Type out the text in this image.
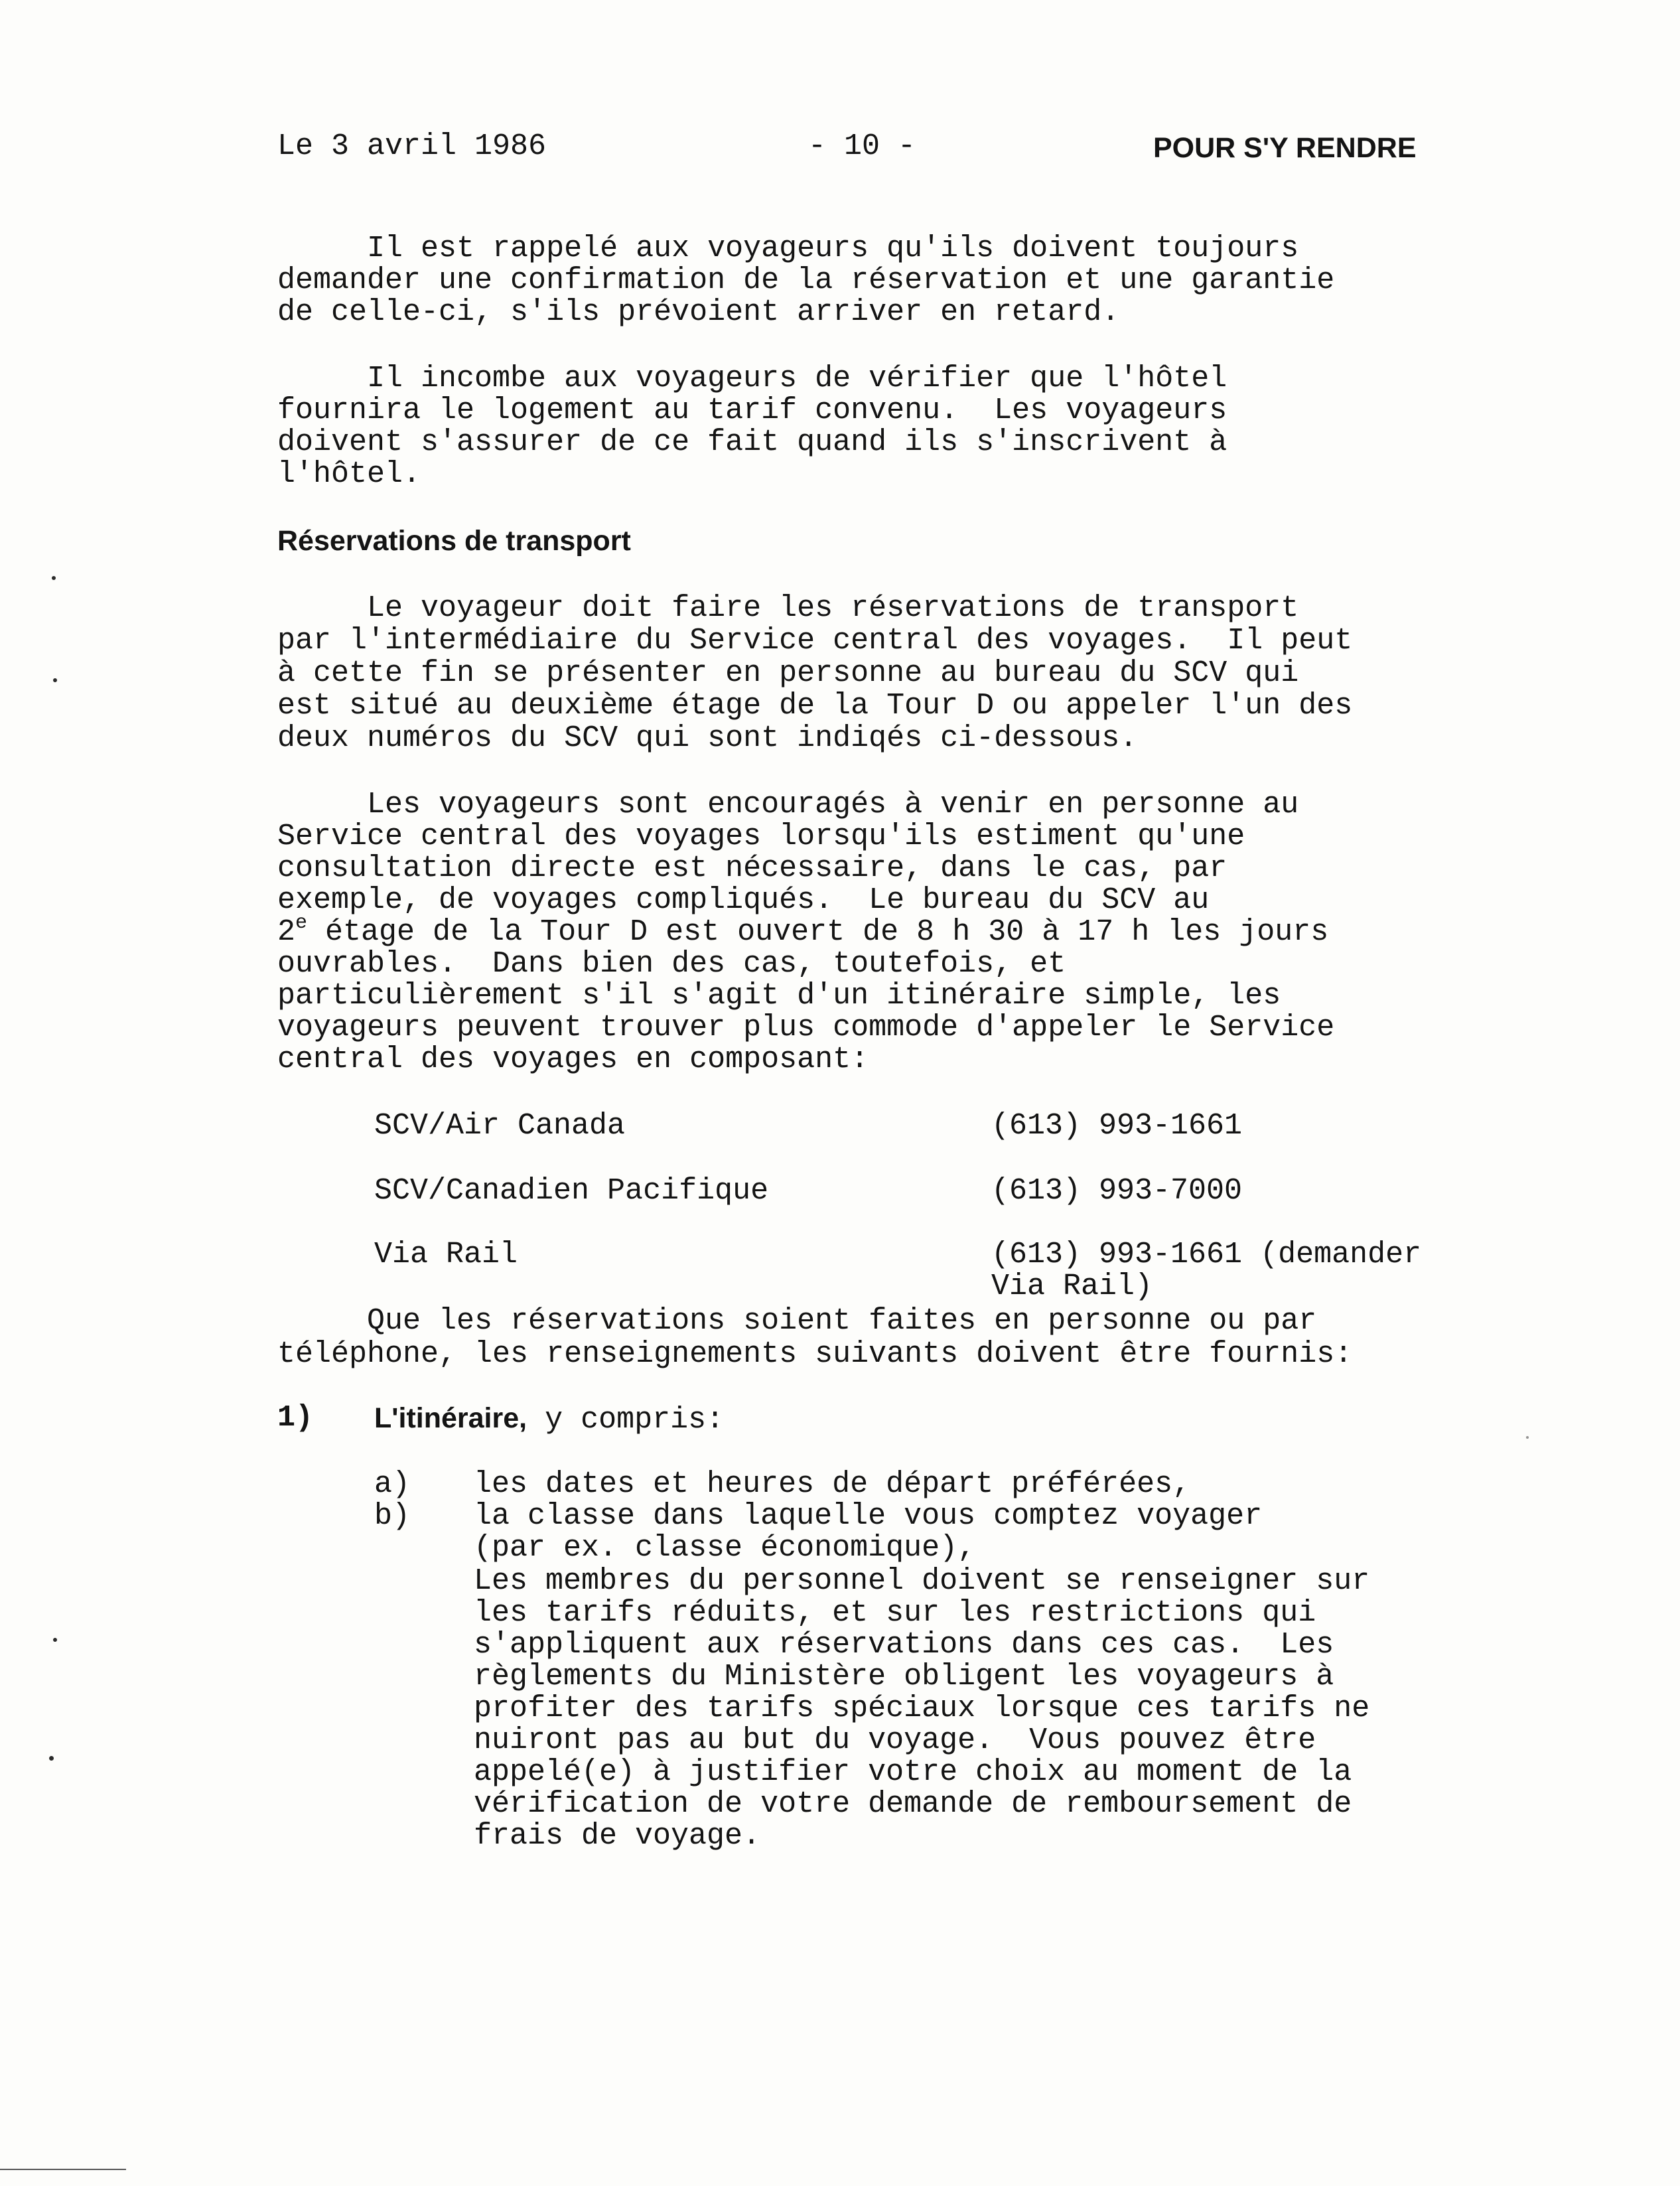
Le 3 avril 1986	- 10 -	POUR S'Y RENDRE
Il est rappelé aux voyageurs qu'ils doivent toujours
demander une confirmation de la réservation et une garantie
de celle-ci, s'ils prévoient arriver en retard.
Il incombe aux voyageurs de vérifier que l'hôtel
fournira le logement au tarif convenu.  Les voyageurs
doivent s'assurer de ce fait quand ils s'inscrivent à
l'hôtel.
Réservations de transport
Le voyageur doit faire les réservations de transport
par l'intermédiaire du Service central des voyages.  Il peut
à cette fin se présenter en personne au bureau du SCV qui
est situé au deuxième étage de la Tour D ou appeler l'un des
deux numéros du SCV qui sont indiqés ci-dessous.
Les voyageurs sont encouragés à venir en personne au
Service central des voyages lorsqu'ils estiment qu'une
consultation directe est nécessaire, dans le cas, par
exemple, de voyages compliqués.  Le bureau du SCV au
2e étage de la Tour D est ouvert de 8 h 30 à 17 h les jours
ouvrables.  Dans bien des cas, toutefois, et
particulièrement s'il s'agit d'un itinéraire simple, les
voyageurs peuvent trouver plus commode d'appeler le Service
central des voyages en composant:
SCV/Air Canada	(613) 993-1661
SCV/Canadien Pacifique	(613) 993-7000
Via Rail	(613) 993-1661 (demander
Via Rail)
Que les réservations soient faites en personne ou par
téléphone, les renseignements suivants doivent être fournis:
1) L'itinéraire, y compris:
a) les dates et heures de départ préférées,
b) la classe dans laquelle vous comptez voyager
(par ex. classe économique),
Les membres du personnel doivent se renseigner sur
les tarifs réduits, et sur les restrictions qui
s'appliquent aux réservations dans ces cas.  Les
règlements du Ministère obligent les voyageurs à
profiter des tarifs spéciaux lorsque ces tarifs ne
nuiront pas au but du voyage.  Vous pouvez être
appelé(e) à justifier votre choix au moment de la
vérification de votre demande de remboursement de
frais de voyage.
